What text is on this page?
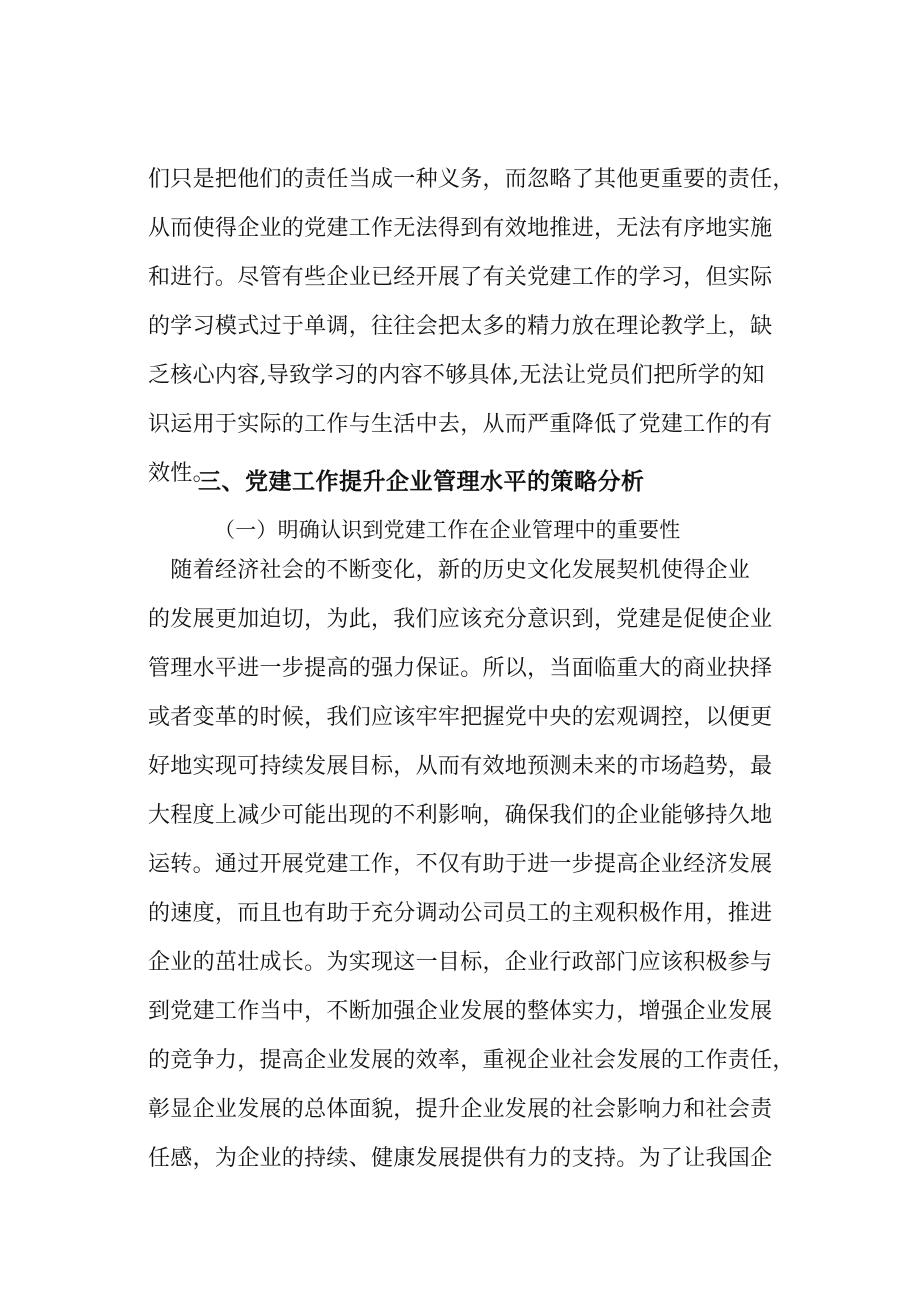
们只是把他们的责任当成一种义务，而忽略了其他更重要的责任，
从而使得企业的党建工作无法得到有效地推进，无法有序地实施
和进行。尽管有些企业已经开展了有关党建工作的学习，但实际
的学习模式过于单调，往往会把太多的精力放在理论教学上，缺
乏核心内容,导致学习的内容不够具体,无法让党员们把所学的知
识运用于实际的工作与生活中去，从而严重降低了党建工作的有
效性。
三、党建工作提升企业管理水平的策略分析
（一）明确认识到党建工作在企业管理中的重要性
　随着经济社会的不断变化，新的历史文化发展契机使得企业
的发展更加迫切，为此，我们应该充分意识到，党建是促使企业
管理水平进一步提高的强力保证。所以，当面临重大的商业抉择
或者变革的时候，我们应该牢牢把握党中央的宏观调控，以便更
好地实现可持续发展目标，从而有效地预测未来的市场趋势，最
大程度上减少可能出现的不利影响，确保我们的企业能够持久地
运转。通过开展党建工作，不仅有助于进一步提高企业经济发展
的速度，而且也有助于充分调动公司员工的主观积极作用，推进
企业的茁壮成长。为实现这一目标，企业行政部门应该积极参与
到党建工作当中，不断加强企业发展的整体实力，增强企业发展
的竞争力，提高企业发展的效率，重视企业社会发展的工作责任，
彰显企业发展的总体面貌，提升企业发展的社会影响力和社会责
任感，为企业的持续、健康发展提供有力的支持。为了让我国企
